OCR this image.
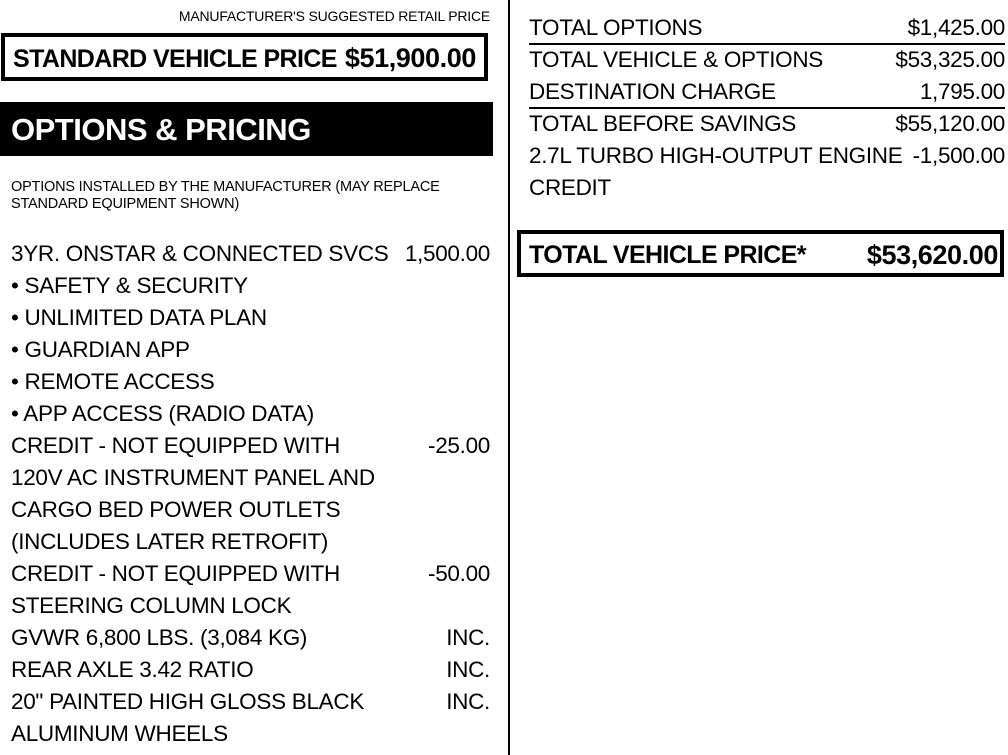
MANUFACTURER'S SUGGESTED RETAIL PRICE
STANDARD VEHICLE PRICE $51,900.00
OPTIONS & PRICING
OPTIONS INSTALLED BY THE MANUFACTURER (MAY REPLACE STANDARD EQUIPMENT SHOWN)
3YR. ONSTAR & CONNECTED SVCS 1,500.00
• SAFETY & SECURITY
• UNLIMITED DATA PLAN
• GUARDIAN APP
• REMOTE ACCESS
• APP ACCESS (RADIO DATA)
CREDIT - NOT EQUIPPED WITH	-25.00
120V AC INSTRUMENT PANEL AND
CARGO BED POWER OUTLETS
(INCLUDES LATER RETROFIT)
CREDIT - NOT EQUIPPED WITH	-50.00
STEERING COLUMN LOCK
GVWR 6,800 LBS. (3,084 KG)	INC.
REAR AXLE 3.42 RATIO	INC.
20" PAINTED HIGH GLOSS BLACK	INC.
ALUMINUM WHEELS
TOTAL OPTIONS	$1,425.00
TOTAL VEHICLE & OPTIONS	$53,325.00
DESTINATION CHARGE	1,795.00
TOTAL BEFORE SAVINGS	$55,120.00
2.7L TURBO HIGH-OUTPUT ENGINE -1,500.00
CREDIT
TOTAL VEHICLE PRICE* $53,620.00
